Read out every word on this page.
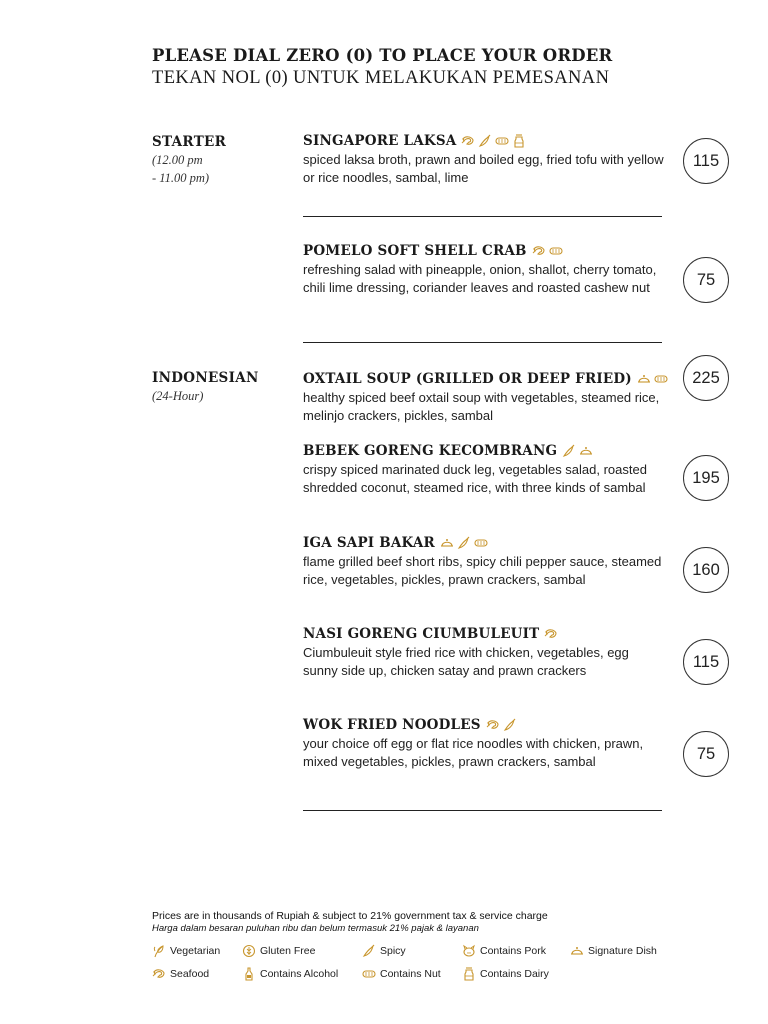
PLEASE DIAL ZERO (0) TO PLACE YOUR ORDER
TEKAN NOL (0) UNTUK MELAKUKAN PEMESANAN
STARTER
(12.00 pm
- 11.00 pm)
INDONESIAN
(24-Hour)
SINGAPORE LAKSA
spiced laksa broth, prawn and boiled egg, fried tofu with yellow or rice noodles, sambal, lime
115
POMELO SOFT SHELL CRAB
refreshing salad with pineapple, onion, shallot, cherry tomato, chili lime dressing, coriander leaves and roasted cashew nut	75
OXTAIL SOUP (GRILLED OR DEEP FRIED)
healthy spiced beef oxtail soup with vegetables, steamed rice, melinjo crackers, pickles, sambal
225
BEBEK GORENG KECOMBRANG
crispy spiced marinated duck leg, vegetables salad, roasted shredded coconut, steamed rice, with three kinds of sambal
195
IGA SAPI BAKAR
flame grilled beef short ribs, spicy chili pepper sauce, steamed rice, vegetables, pickles, prawn crackers, sambal
160
NASI GORENG CIUMBULEUIT
Ciumbuleuit style fried rice with chicken, vegetables, egg sunny side up, chicken satay and prawn crackers
115
WOK FRIED NOODLES
your choice off egg or flat rice noodles with chicken, prawn, mixed vegetables, pickles, prawn crackers, sambal	75
Prices are in thousands of Rupiah & subject to 21% government tax & service charge
Harga dalam besaran puluhan ribu dan belum termasuk 21% pajak & layanan
Vegetarian	Gluten Free	Spicy	Contains Pork	Signature Dish
Seafood	Contains Alcohol	Contains Nut	Contains Dairy
